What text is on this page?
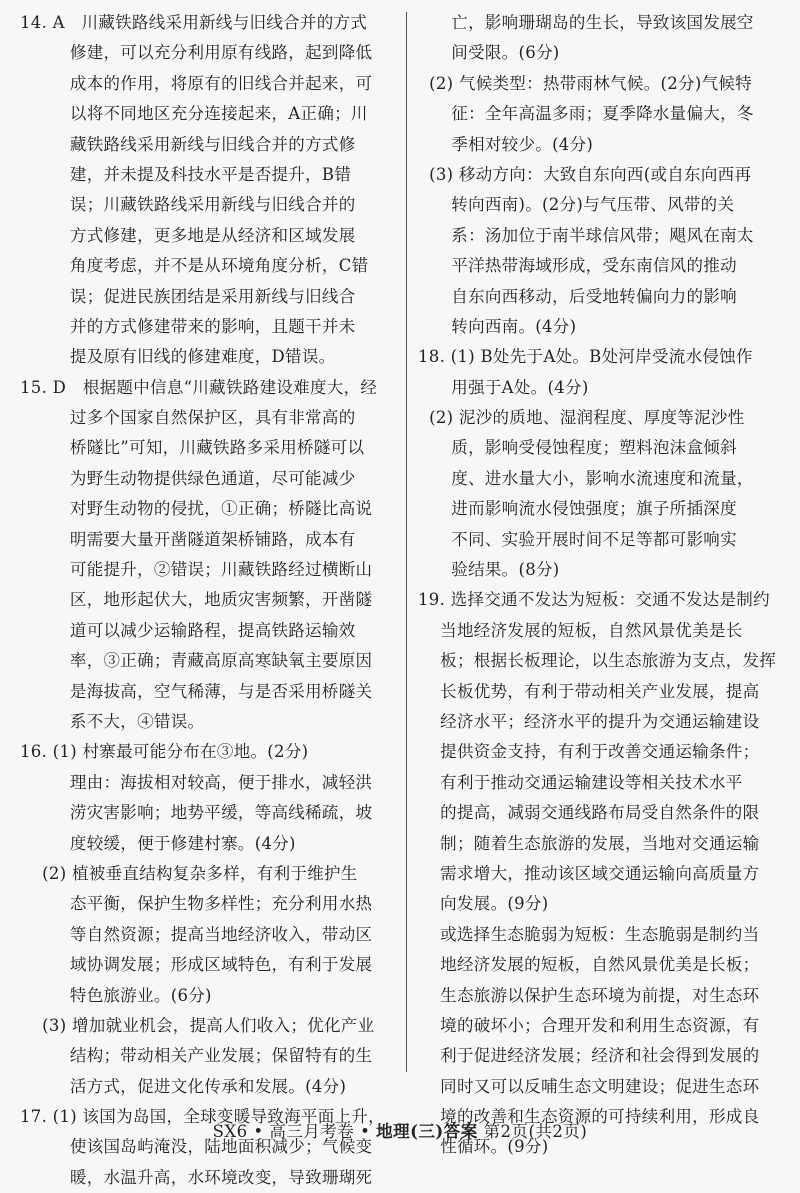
14. A   川藏铁路线采用新线与旧线合并的方式
修建，可以充分利用原有线路，起到降低
成本的作用，将原有的旧线合并起来，可
以将不同地区充分连接起来，A正确；川
藏铁路线采用新线与旧线合并的方式修
建，并未提及科技水平是否提升，B错
误；川藏铁路线采用新线与旧线合并的
方式修建，更多地是从经济和区域发展
角度考虑，并不是从环境角度分析，C错
误；促进民族团结是采用新线与旧线合
并的方式修建带来的影响，且题干并未
提及原有旧线的修建难度，D错误。
15. D   根据题中信息“川藏铁路建设难度大，经
过多个国家自然保护区，具有非常高的
桥隧比”可知，川藏铁路多采用桥隧可以
为野生动物提供绿色通道，尽可能减少
对野生动物的侵扰，①正确；桥隧比高说
明需要大量开凿隧道架桥铺路，成本有
可能提升，②错误；川藏铁路经过横断山
区，地形起伏大，地质灾害频繁，开凿隧
道可以减少运输路程，提高铁路运输效
率，③正确；青藏高原高寒缺氧主要原因
是海拔高，空气稀薄，与是否采用桥隧关
系不大，④错误。
16. (1) 村寨最可能分布在③地。(2分)
理由：海拔相对较高，便于排水，减轻洪
涝灾害影响；地势平缓，等高线稀疏，坡
度较缓，便于修建村寨。(4分)
(2) 植被垂直结构复杂多样，有利于维护生
态平衡，保护生物多样性；充分利用水热
等自然资源；提高当地经济收入，带动区
域协调发展；形成区域特色，有利于发展
特色旅游业。(6分)
(3) 增加就业机会，提高人们收入；优化产业
结构；带动相关产业发展；保留特有的生
活方式，促进文化传承和发展。(4分)
17. (1) 该国为岛国，全球变暖导致海平面上升，
使该国岛屿淹没，陆地面积减少；气候变
暖，水温升高，水环境改变，导致珊瑚死
亡，影响珊瑚岛的生长，导致该国发展空
间受限。(6分)
(2) 气候类型：热带雨林气候。(2分)气候特
征：全年高温多雨；夏季降水量偏大，冬
季相对较少。(4分)
(3) 移动方向：大致自东向西(或自东向西再
转向西南)。(2分)与气压带、风带的关
系：汤加位于南半球信风带；飓风在南太
平洋热带海域形成，受东南信风的推动
自东向西移动，后受地转偏向力的影响
转向西南。(4分)
18. (1) B处先于A处。B处河岸受流水侵蚀作
用强于A处。(4分)
(2) 泥沙的质地、湿润程度、厚度等泥沙性
质，影响受侵蚀程度；塑料泡沫盒倾斜
度、进水量大小，影响水流速度和流量，
进而影响流水侵蚀强度；旗子所插深度
不同、实验开展时间不足等都可影响实
验结果。(8分)
19. 选择交通不发达为短板：交通不发达是制约
当地经济发展的短板，自然风景优美是长
板；根据长板理论，以生态旅游为支点，发挥
长板优势，有利于带动相关产业发展，提高
经济水平；经济水平的提升为交通运输建设
提供资金支持，有利于改善交通运输条件；
有利于推动交通运输建设等相关技术水平
的提高，减弱交通线路布局受自然条件的限
制；随着生态旅游的发展，当地对交通运输
需求增大，推动该区域交通运输向高质量方
向发展。(9分)
或选择生态脆弱为短板：生态脆弱是制约当
地经济发展的短板，自然风景优美是长板；
生态旅游以保护生态环境为前提，对生态环
境的破坏小；合理开发和利用生态资源，有
利于促进经济发展；经济和社会得到发展的
同时又可以反哺生态文明建设；促进生态环
境的改善和生态资源的可持续利用，形成良
性循环。(9分)
SX6 • 高三月考卷 • 地理(三)答案 第2页(共2页)
